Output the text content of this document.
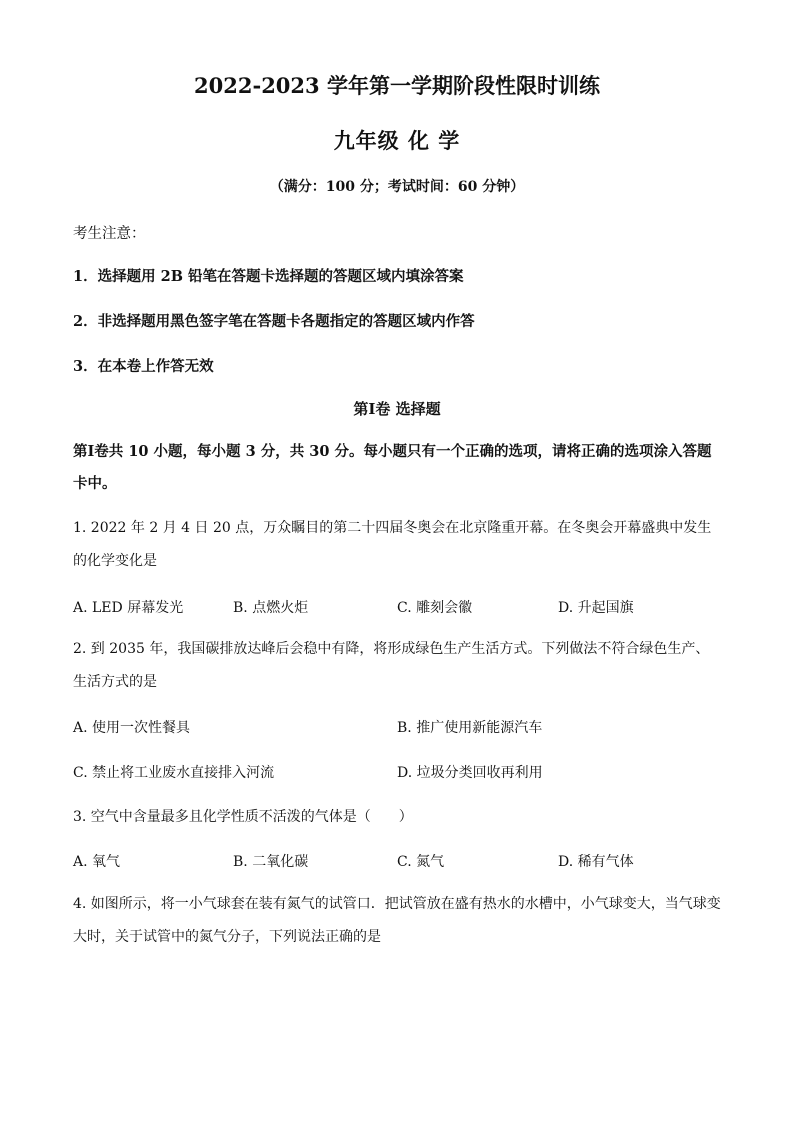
2022-2023 学年第一学期阶段性限时训练
九年级 化 学
（满分：100 分；考试时间：60 分钟）
考生注意：
1．选择题用 2B 铅笔在答题卡选择题的答题区域内填涂答案
2．非选择题用黑色签字笔在答题卡各题指定的答题区域内作答
3．在本卷上作答无效
第Ⅰ卷 选择题
第Ⅰ卷共 10 小题，每小题 3 分，共 30 分。每小题只有一个正确的选项，请将正确的选项涂入答题卡中。
1. 2022 年 2 月 4 日 20 点，万众瞩目的第二十四届冬奥会在北京隆重开幕。在冬奥会开幕盛典中发生的化学变化是
A. LED 屏幕发光	B. 点燃火炬	C. 雕刻会徽	D. 升起国旗
2. 到 2035 年，我国碳排放达峰后会稳中有降，将形成绿色生产生活方式。下列做法不符合绿色生产、生活方式的是
A. 使用一次性餐具	B. 推广使用新能源汽车
C. 禁止将工业废水直接排入河流	D. 垃圾分类回收再利用
3. 空气中含量最多且化学性质不活泼的气体是（　　）
A. 氧气	B. 二氧化碳	C. 氮气	D. 稀有气体
4. 如图所示，将一小气球套在装有氮气的试管口．把试管放在盛有热水的水槽中，小气球变大，当气球变大时，关于试管中的氮气分子，下列说法正确的是
